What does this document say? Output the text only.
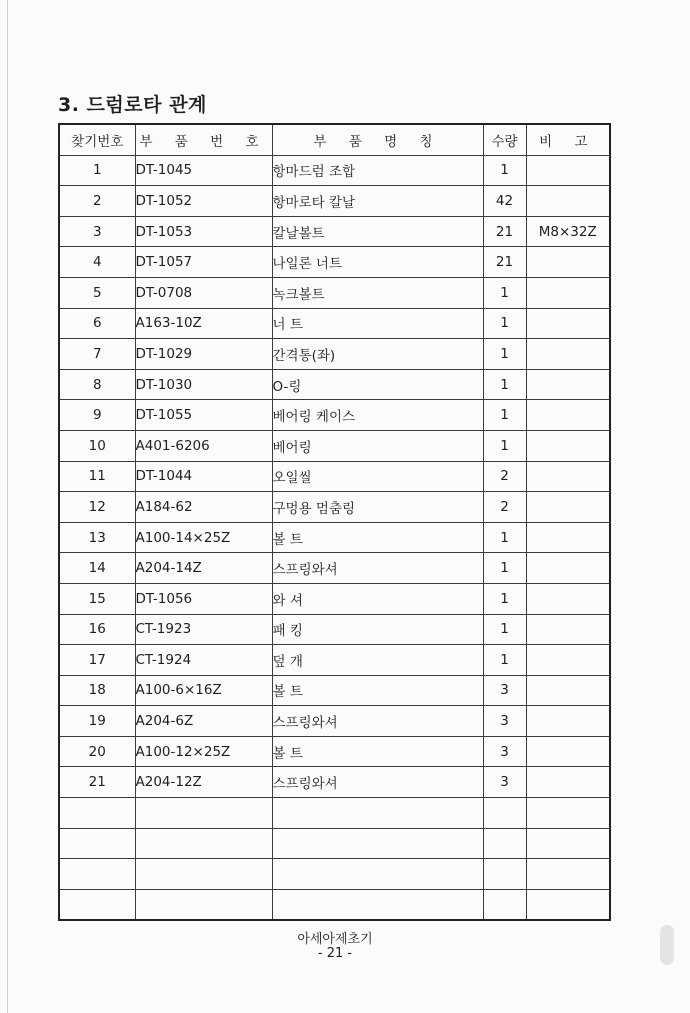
3. 드럼로타 관계
찾기번호	부 품 번 호	부 품 명 칭	수량	비 고
1	DT-1045	항마드럼 조합	1	
2	DT-1052	항마로타 칼날	42	
3	DT-1053	칼날볼트	21	M8×32Z
4	DT-1057	나일론 너트	21	
5	DT-0708	녹크볼트	1	
6	A163-10Z	너 트	1	
7	DT-1029	간격통(좌)	1	
8	DT-1030	O-링	1	
9	DT-1055	베어링 케이스	1	
10	A401-6206	베어링	1	
11	DT-1044	오일씰	2	
12	A184-62	구멍용 멈춤링	2	
13	A100-14×25Z	볼 트	1	
14	A204-14Z	스프링와셔	1	
15	DT-1056	와 셔	1	
16	CT-1923	패 킹	1	
17	CT-1924	덮 개	1	
18	A100-6×16Z	볼 트	3	
19	A204-6Z	스프링와셔	3	
20	A100-12×25Z	볼 트	3	
21	A204-12Z	스프링와셔	3	

아세아제초기
- 21 -
